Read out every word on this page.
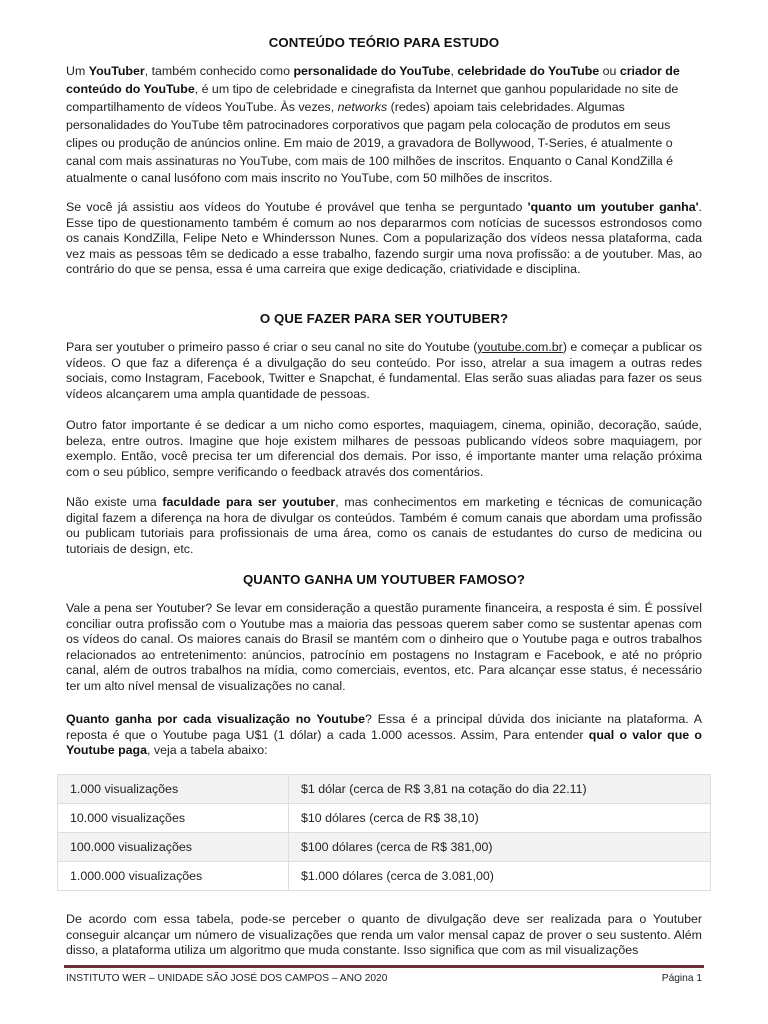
CONTEÚDO TEÓRIO PARA ESTUDO

Um YouTuber, também conhecido como personalidade do YouTube, celebridade do YouTube ou criador de conteúdo do YouTube, é um tipo de celebridade e cinegrafista da Internet que ganhou popularidade no site de compartilhamento de vídeos YouTube. Às vezes, networks (redes) apoiam tais celebridades. Algumas personalidades do YouTube têm patrocinadores corporativos que pagam pela colocação de produtos em seus clipes ou produção de anúncios online. Em maio de 2019, a gravadora de Bollywood, T-Series, é atualmente o canal com mais assinaturas no YouTube, com mais de 100 milhões de inscritos. Enquanto o Canal KondZilla é atualmente o canal lusófono com mais inscrito no YouTube, com 50 milhões de inscritos.

Se você já assistiu aos vídeos do Youtube é provável que tenha se perguntado 'quanto um youtuber ganha'. Esse tipo de questionamento também é comum ao nos depararmos com notícias de sucessos estrondosos como os canais KondZilla, Felipe Neto e Whindersson Nunes. Com a popularização dos vídeos nessa plataforma, cada vez mais as pessoas têm se dedicado a esse trabalho, fazendo surgir uma nova profissão: a de youtuber. Mas, ao contrário do que se pensa, essa é uma carreira que exige dedicação, criatividade e disciplina.

O QUE FAZER PARA SER YOUTUBER?

Para ser youtuber o primeiro passo é criar o seu canal no site do Youtube (youtube.com.br) e começar a publicar os vídeos. O que faz a diferença é a divulgação do seu conteúdo. Por isso, atrelar a sua imagem a outras redes sociais, como Instagram, Facebook, Twitter e Snapchat, é fundamental. Elas serão suas aliadas para fazer os seus vídeos alcançarem uma ampla quantidade de pessoas.

Outro fator importante é se dedicar a um nicho como esportes, maquiagem, cinema, opinião, decoração, saúde, beleza, entre outros. Imagine que hoje existem milhares de pessoas publicando vídeos sobre maquiagem, por exemplo. Então, você precisa ter um diferencial dos demais. Por isso, é importante manter uma relação próxima com o seu público, sempre verificando o feedback através dos comentários.

Não existe uma faculdade para ser youtuber, mas conhecimentos em marketing e técnicas de comunicação digital fazem a diferença na hora de divulgar os conteúdos. Também é comum canais que abordam uma profissão ou publicam tutoriais para profissionais de uma área, como os canais de estudantes do curso de medicina ou tutoriais de design, etc.

QUANTO GANHA UM YOUTUBER FAMOSO?

Vale a pena ser Youtuber? Se levar em consideração a questão puramente financeira, a resposta é sim. É possível conciliar outra profissão com o Youtube mas a maioria das pessoas querem saber como se sustentar apenas com os vídeos do canal. Os maiores canais do Brasil se mantém com o dinheiro que o Youtube paga e outros trabalhos relacionados ao entretenimento: anúncios, patrocínio em postagens no Instagram e Facebook, e até no próprio canal, além de outros trabalhos na mídia, como comerciais, eventos, etc. Para alcançar esse status, é necessário ter um alto nível mensal de visualizações no canal.

Quanto ganha por cada visualização no Youtube? Essa é a principal dúvida dos iniciante na plataforma. A reposta é que o Youtube paga U$1 (1 dólar) a cada 1.000 acessos. Assim, Para entender qual o valor que o Youtube paga, veja a tabela abaixo:

1.000 visualizações	$1 dólar (cerca de R$ 3,81 na cotação do dia 22.11)
10.000 visualizações	$10 dólares (cerca de R$ 38,10)
100.000 visualizações	$100 dólares (cerca de R$ 381,00)
1.000.000 visualizações	$1.000 dólares (cerca de 3.081,00)

De acordo com essa tabela, pode-se perceber o quanto de divulgação deve ser realizada para o Youtuber conseguir alcançar um número de visualizações que renda um valor mensal capaz de prover o seu sustento. Além disso, a plataforma utiliza um algoritmo que muda constante. Isso significa que com as mil visualizações

INSTITUTO WER – UNIDADE SÃO JOSÉ DOS CAMPOS – ANO 2020	Página 1
